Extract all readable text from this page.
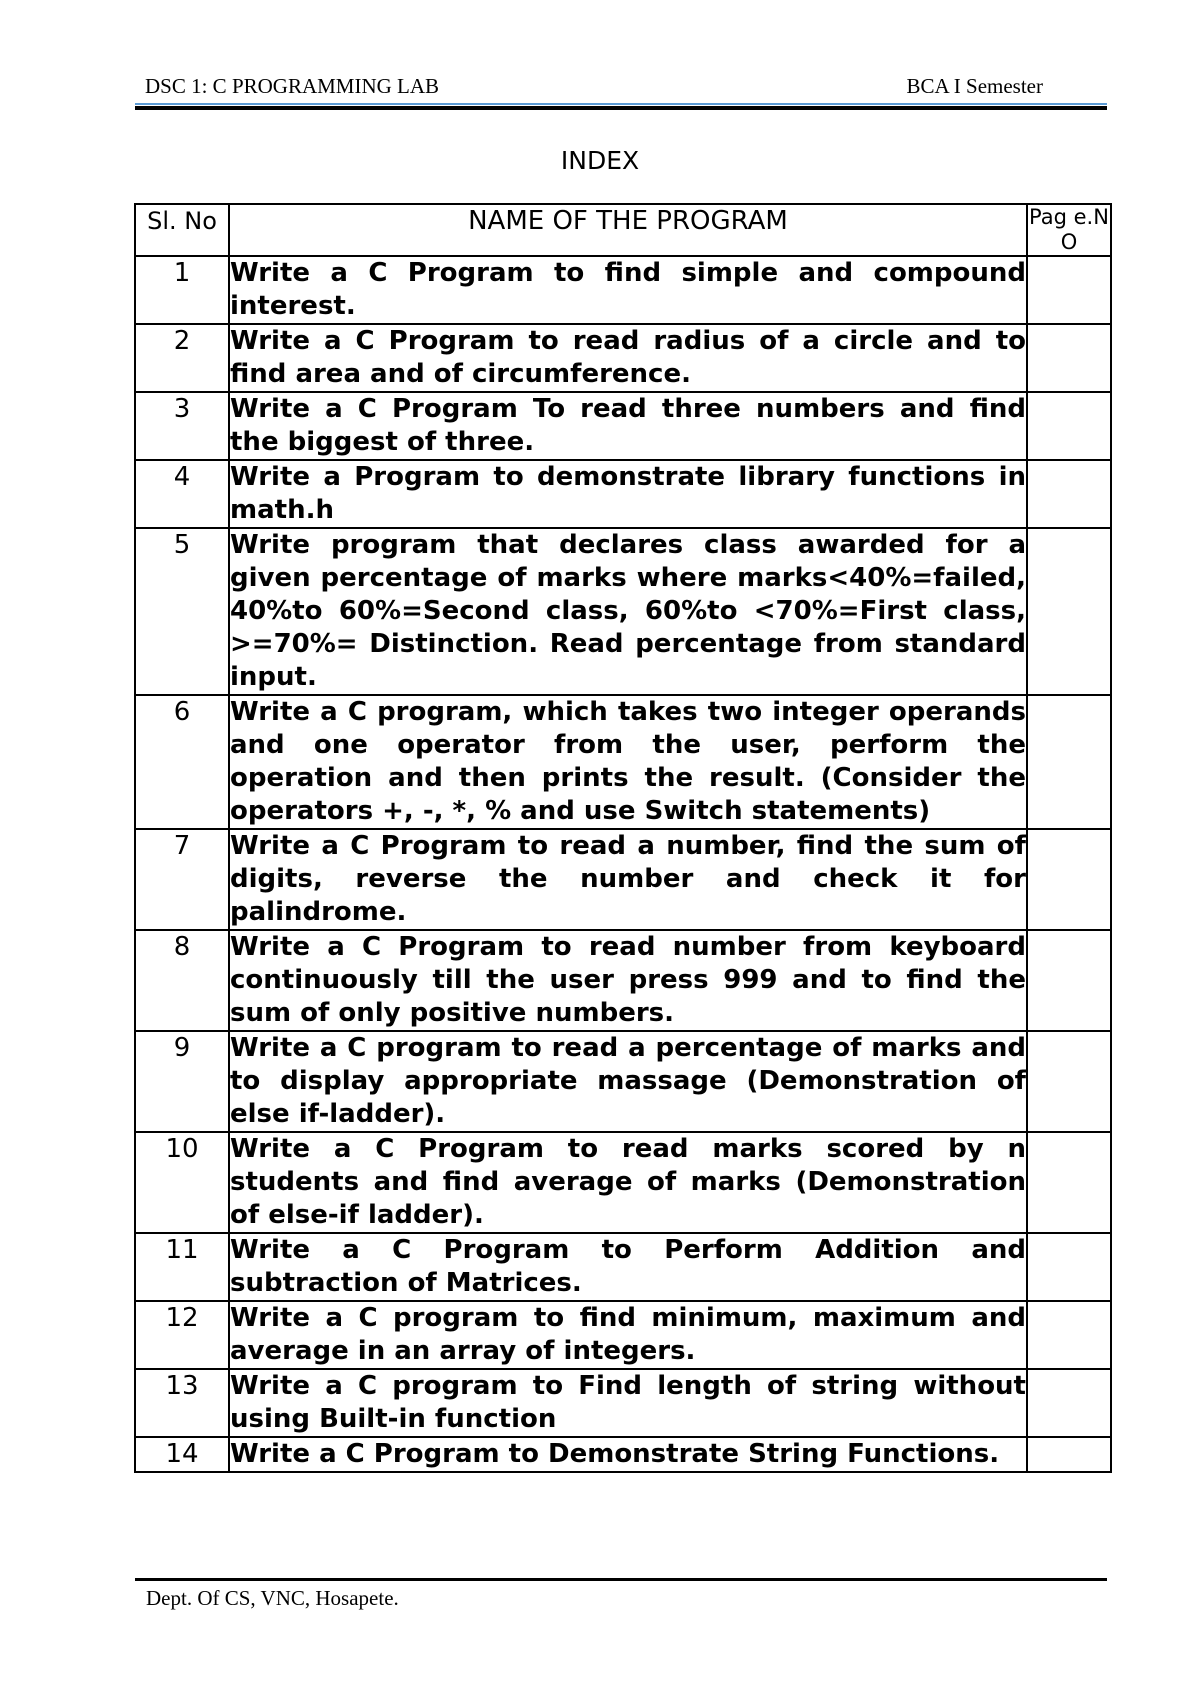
DSC 1: C PROGRAMMING LAB	BCA I Semester
INDEX
Sl. No	NAME OF THE PROGRAM	Pag e.N O
1	Write a C Program to find simple and compound interest.	
2	Write a C Program to read radius of a circle and to find area and of circumference.	
3	Write a C Program To read three numbers and find the biggest of three.	
4	Write a Program to demonstrate library functions in math.h	
5	Write program that declares class awarded for a given percentage of marks where marks<40%=failed, 40%to 60%=Second class, 60%to <70%=First class, >=70%= Distinction. Read percentage from standard input.	
6	Write a C program, which takes two integer operands and one operator from the user, perform the operation and then prints the result. (Consider the operators +, -, *, % and use Switch statements)	
7	Write a C Program to read a number, find the sum of digits, reverse the number and check it for palindrome.	
8	Write a C Program to read number from keyboard continuously till the user press 999 and to find the sum of only positive numbers.	
9	Write a C program to read a percentage of marks and to display appropriate massage (Demonstration of else if-ladder).	
10	Write a C Program to read marks scored by n students and find average of marks (Demonstration of else-if ladder).	
11	Write a C Program to Perform Addition and subtraction of Matrices.	
12	Write a C program to find minimum, maximum and average in an array of integers.	
13	Write a C program to Find length of string without using Built-in function	
14	Write a C Program to Demonstrate String Functions.	
Dept. Of CS, VNC, Hosapete.
